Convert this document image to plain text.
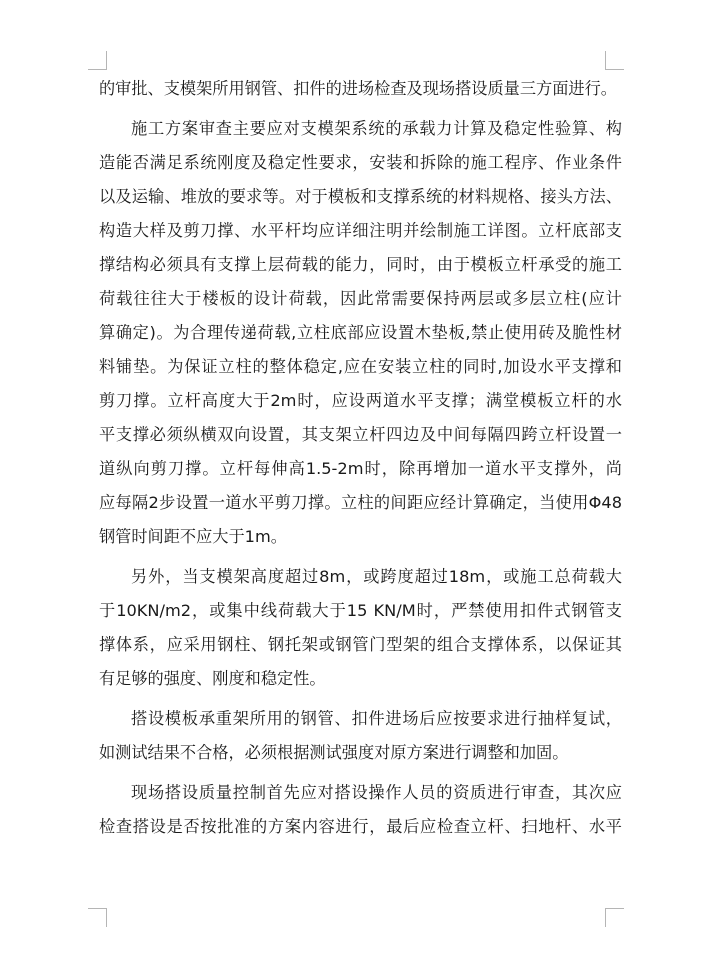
的审批、支模架所用钢管、扣件的进场检查及现场搭设质量三方面进行。
施工方案审查主要应对支模架系统的承载力计算及稳定性验算、构
造能否满足系统刚度及稳定性要求，安装和拆除的施工程序、作业条件
以及运输、堆放的要求等。对于模板和支撑系统的材料规格、接头方法、
构造大样及剪刀撑、水平杆均应详细注明并绘制施工详图。立杆底部支
撑结构必须具有支撑上层荷载的能力，同时，由于模板立杆承受的施工
荷载往往大于楼板的设计荷载，因此常需要保持两层或多层立柱(应计
算确定)。为合理传递荷载,立柱底部应设置木垫板,禁止使用砖及脆性材
料铺垫。为保证立柱的整体稳定,应在安装立柱的同时,加设水平支撑和
剪刀撑。立杆高度大于2m时，应设两道水平支撑；满堂模板立杆的水
平支撑必须纵横双向设置，其支架立杆四边及中间每隔四跨立杆设置一
道纵向剪刀撑。立杆每伸高1.5-2m时，除再增加一道水平支撑外，尚
应每隔2步设置一道水平剪刀撑。立柱的间距应经计算确定，当使用Φ48
钢管时间距不应大于1m。
另外，当支模架高度超过8m，或跨度超过18m，或施工总荷载大
于10KN/m2，或集中线荷载大于15 KN/M时，严禁使用扣件式钢管支
撑体系，应采用钢柱、钢托架或钢管门型架的组合支撑体系，以保证其
有足够的强度、刚度和稳定性。
搭设模板承重架所用的钢管、扣件进场后应按要求进行抽样复试，
如测试结果不合格，必须根据测试强度对原方案进行调整和加固。
现场搭设质量控制首先应对搭设操作人员的资质进行审查，其次应
检查搭设是否按批准的方案内容进行，最后应检查立杆、扫地杆、水平
